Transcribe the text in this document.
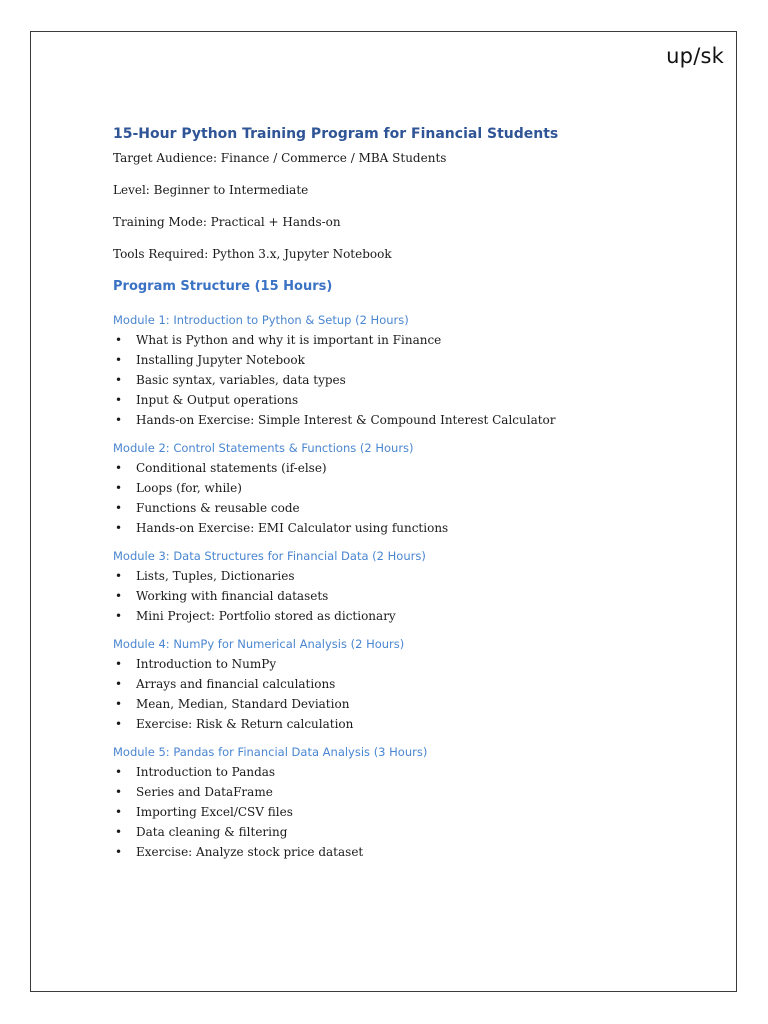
up/sk
15-Hour Python Training Program for Financial Students

Target Audience: Finance / Commerce / MBA Students

Level: Beginner to Intermediate

Training Mode: Practical + Hands-on

Tools Required: Python 3.x, Jupyter Notebook

Program Structure (15 Hours)
Module 1: Introduction to Python & Setup (2 Hours)
• What is Python and why it is important in Finance
• Installing Jupyter Notebook
• Basic syntax, variables, data types
• Input & Output operations
• Hands-on Exercise: Simple Interest & Compound Interest Calculator
Module 2: Control Statements & Functions (2 Hours)
• Conditional statements (if-else)
• Loops (for, while)
• Functions & reusable code
• Hands-on Exercise: EMI Calculator using functions
Module 3: Data Structures for Financial Data (2 Hours)
• Lists, Tuples, Dictionaries
• Working with financial datasets
• Mini Project: Portfolio stored as dictionary
Module 4: NumPy for Numerical Analysis (2 Hours)
• Introduction to NumPy
• Arrays and financial calculations
• Mean, Median, Standard Deviation
• Exercise: Risk & Return calculation
Module 5: Pandas for Financial Data Analysis (3 Hours)
• Introduction to Pandas
• Series and DataFrame
• Importing Excel/CSV files
• Data cleaning & filtering
• Exercise: Analyze stock price dataset
